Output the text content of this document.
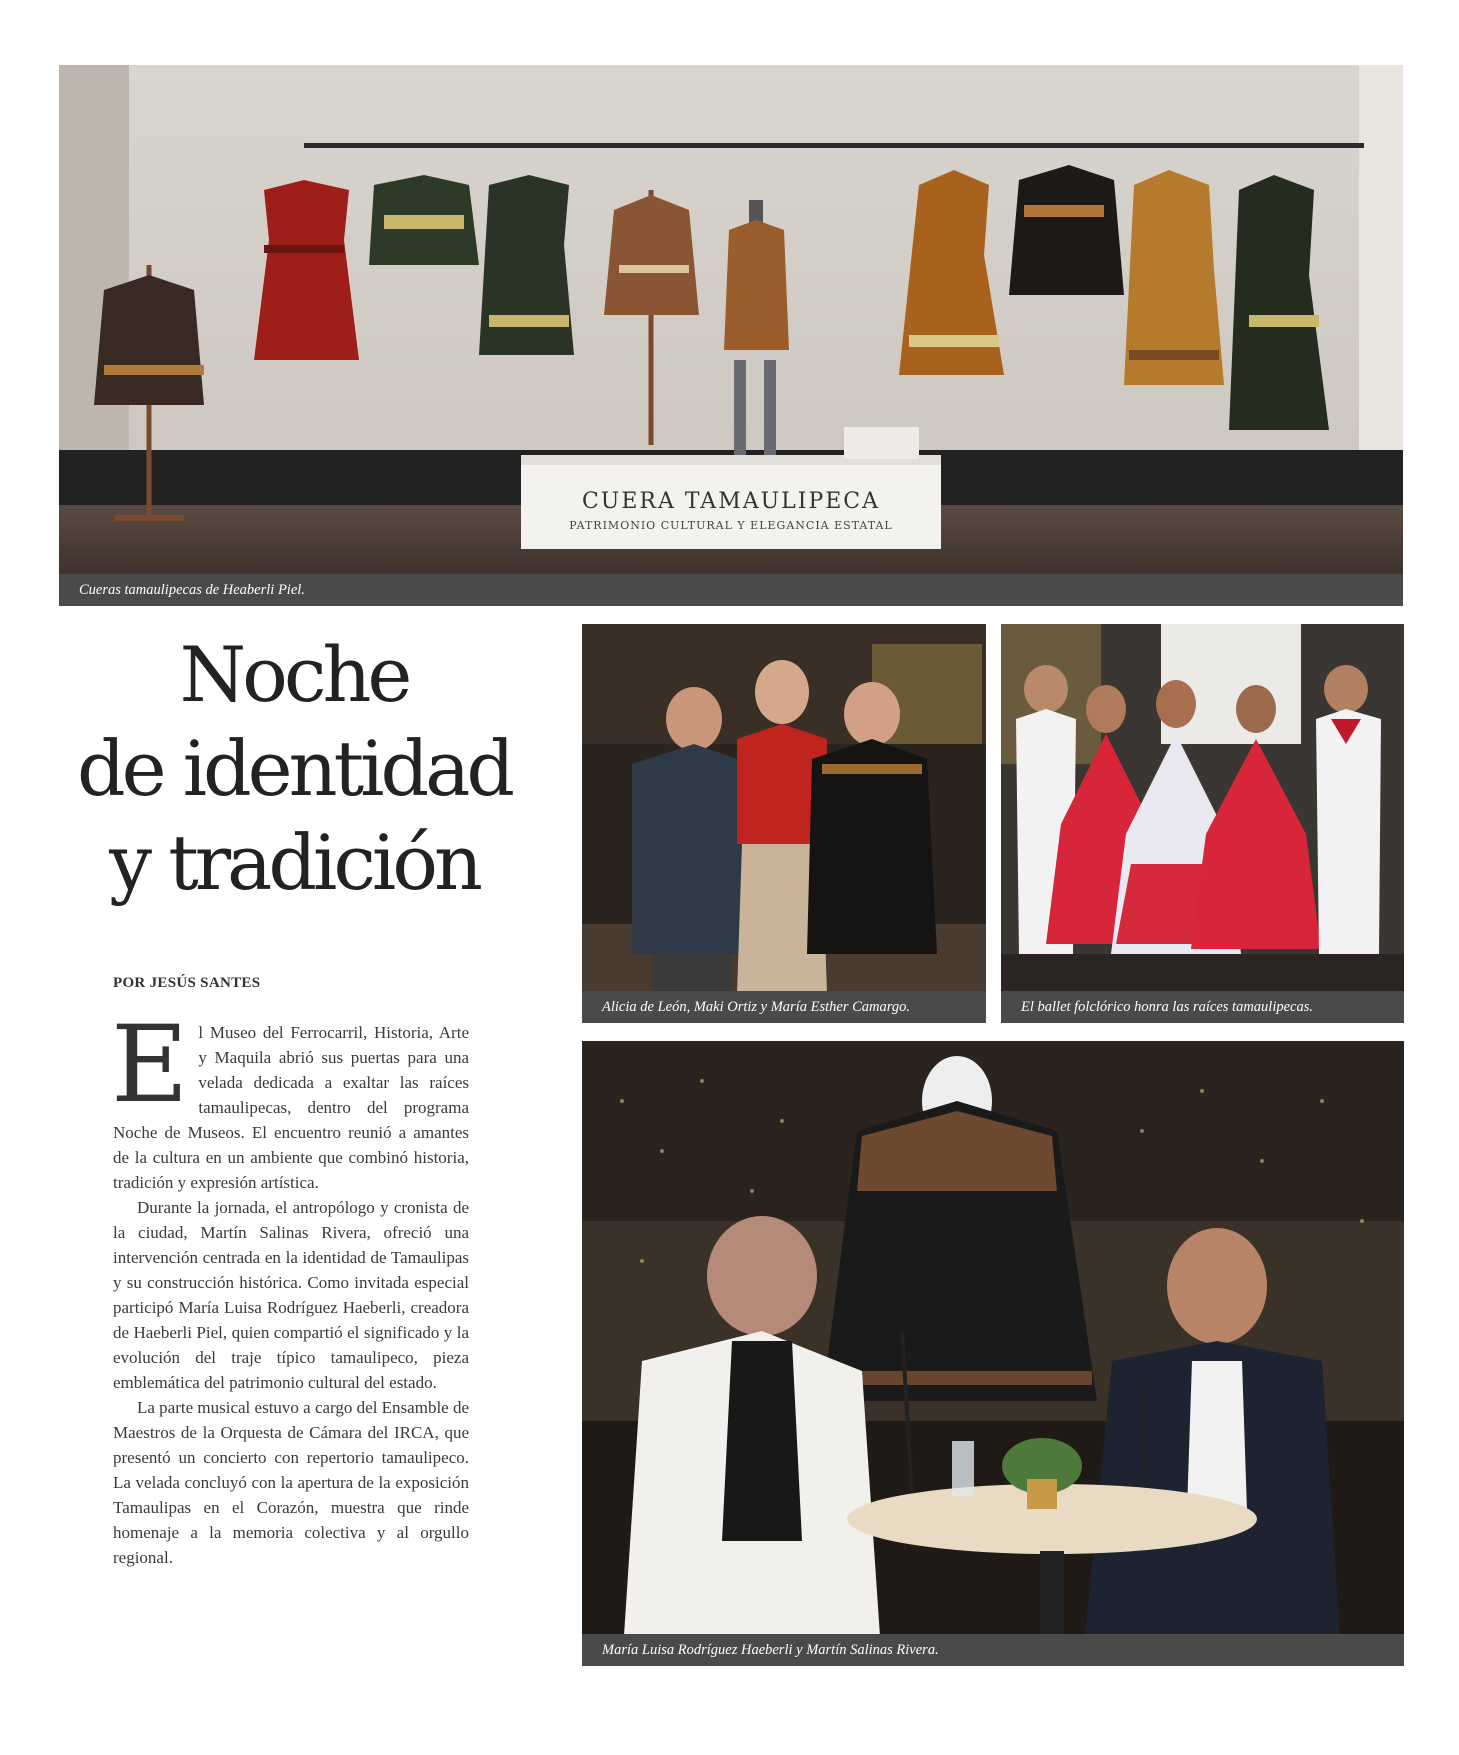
CUERA TAMAULIPECA
PATRIMONIO CULTURAL Y ELEGANCIA ESTATAL
Cueras tamaulipecas de Heaberli Piel.
Noche
de identidad
y tradición
POR JESÚS SANTES

El Museo del Ferrocarril, Historia, Arte y Maquila abrió sus puertas para una velada dedicada a exaltar las raíces tamaulipecas, dentro del programa Noche de Museos. El encuentro reunió a amantes de la cultura en un ambiente que combinó historia, tradición y expresión artística.

Durante la jornada, el antropólogo y cronista de la ciudad, Martín Salinas Rivera, ofreció una intervención centrada en la identidad de Tamaulipas y su construcción histórica. Como invitada especial participó María Luisa Rodríguez Haeberli, creadora de Haeberli Piel, quien compartió el significado y la evolución del traje típico tamaulipeco, pieza emblemática del patrimonio cultural del estado.

La parte musical estuvo a cargo del Ensamble de Maestros de la Orquesta de Cámara del IRCA, que presentó un concierto con repertorio tamaulipeco. La velada concluyó con la apertura de la exposición Tamaulipas en el Corazón, muestra que rinde homenaje a la memoria colectiva y al orgullo regional.

Alicia de León, Maki Ortiz y María Esther Camargo.	El ballet folclórico honra las raíces tamaulipecas.
María Luisa Rodríguez Haeberli y Martín Salinas Rivera.
